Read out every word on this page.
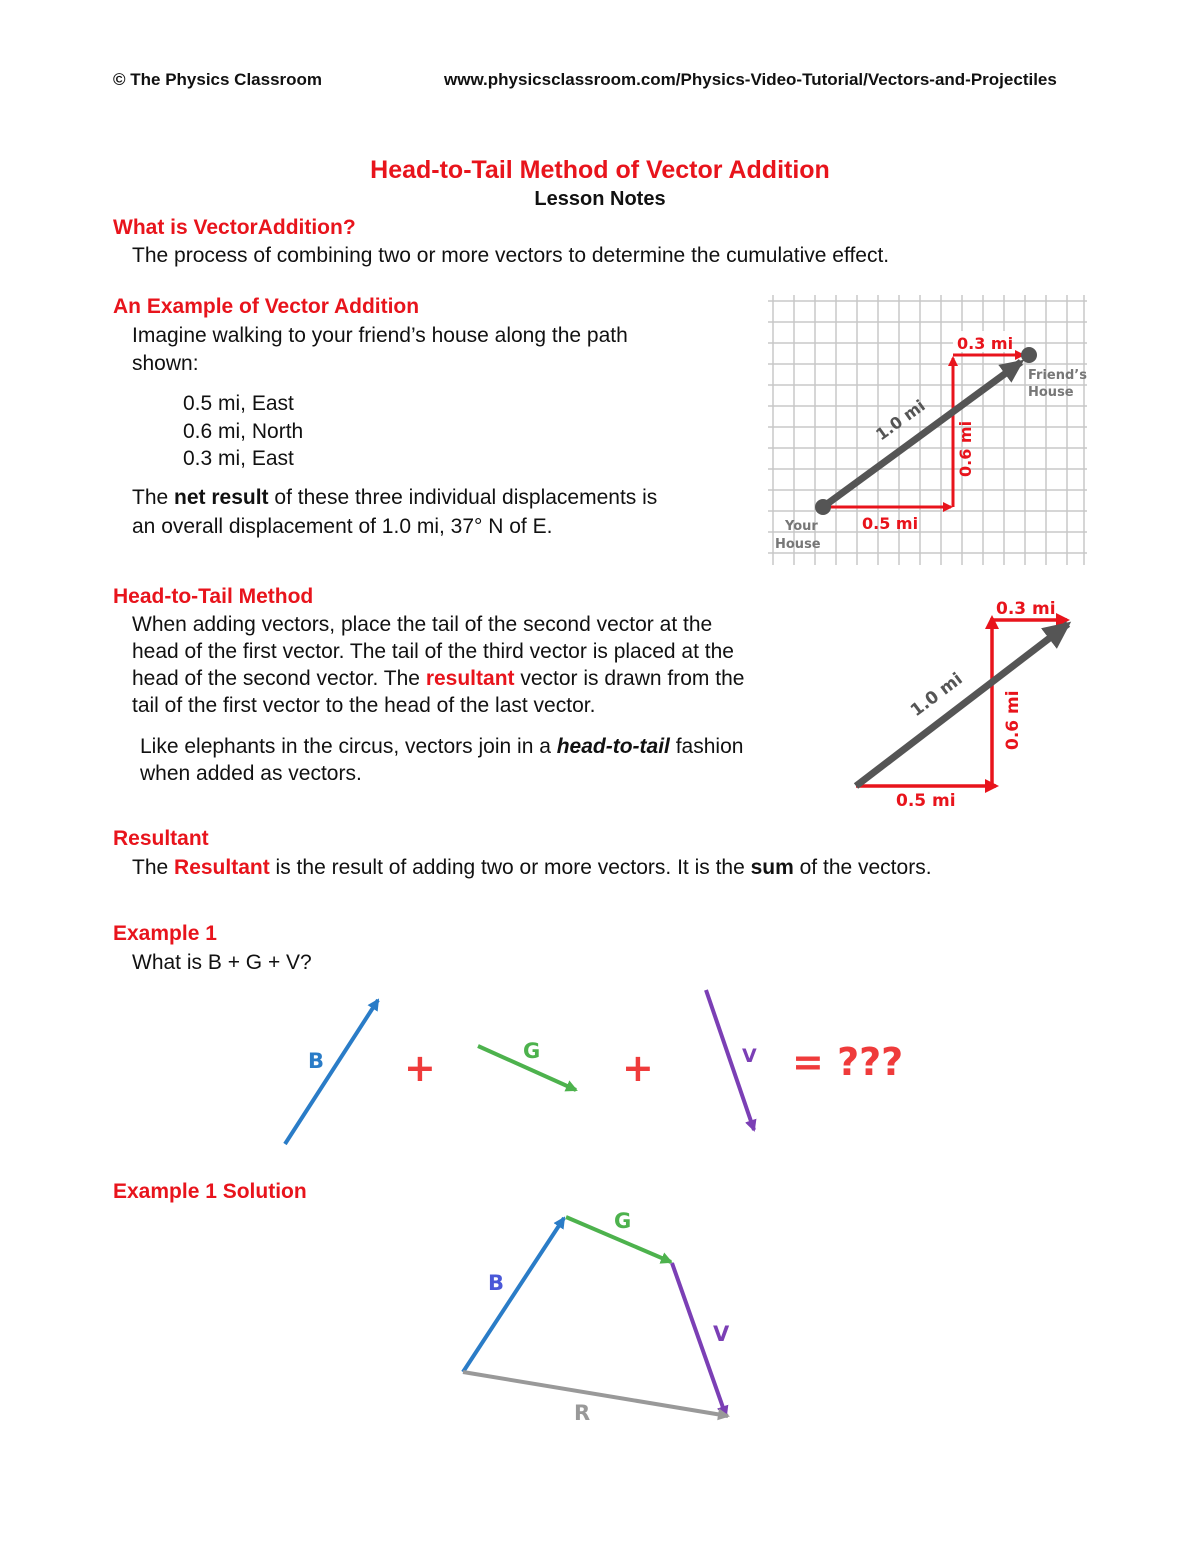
© The Physics Classroom	www.physicsclassroom.com/Physics-Video-Tutorial/Vectors-and-Projectiles
Head-to-Tail Method of Vector Addition
Lesson Notes
What is VectorAddition?
The process of combining two or more vectors to determine the cumulative effect.
An Example of Vector Addition
Imagine walking to your friend’s house along the path
shown:
0.5 mi, East
0.6 mi, North
0.3 mi, East
The net result of these three individual displacements is
an overall displacement of 1.0 mi, 37° N of E.
0.3 mi
0.6 mi
0.5 mi
1.0 mi
Your
House
Friend’s
House
Head-to-Tail Method
When adding vectors, place the tail of the second vector at the
head of the first vector. The tail of the third vector is placed at the
head of the second vector. The resultant vector is drawn from the
tail of the first vector to the head of the last vector.
Like elephants in the circus, vectors join in a head-to-tail fashion
when added as vectors.
0.3 mi
0.6 mi
0.5 mi
1.0 mi
Resultant
The Resultant is the result of adding two or more vectors. It is the sum of the vectors.
Example 1
What is B + G + V?
B +	G +	V = ???
Example 1 Solution
B
G
V
R
